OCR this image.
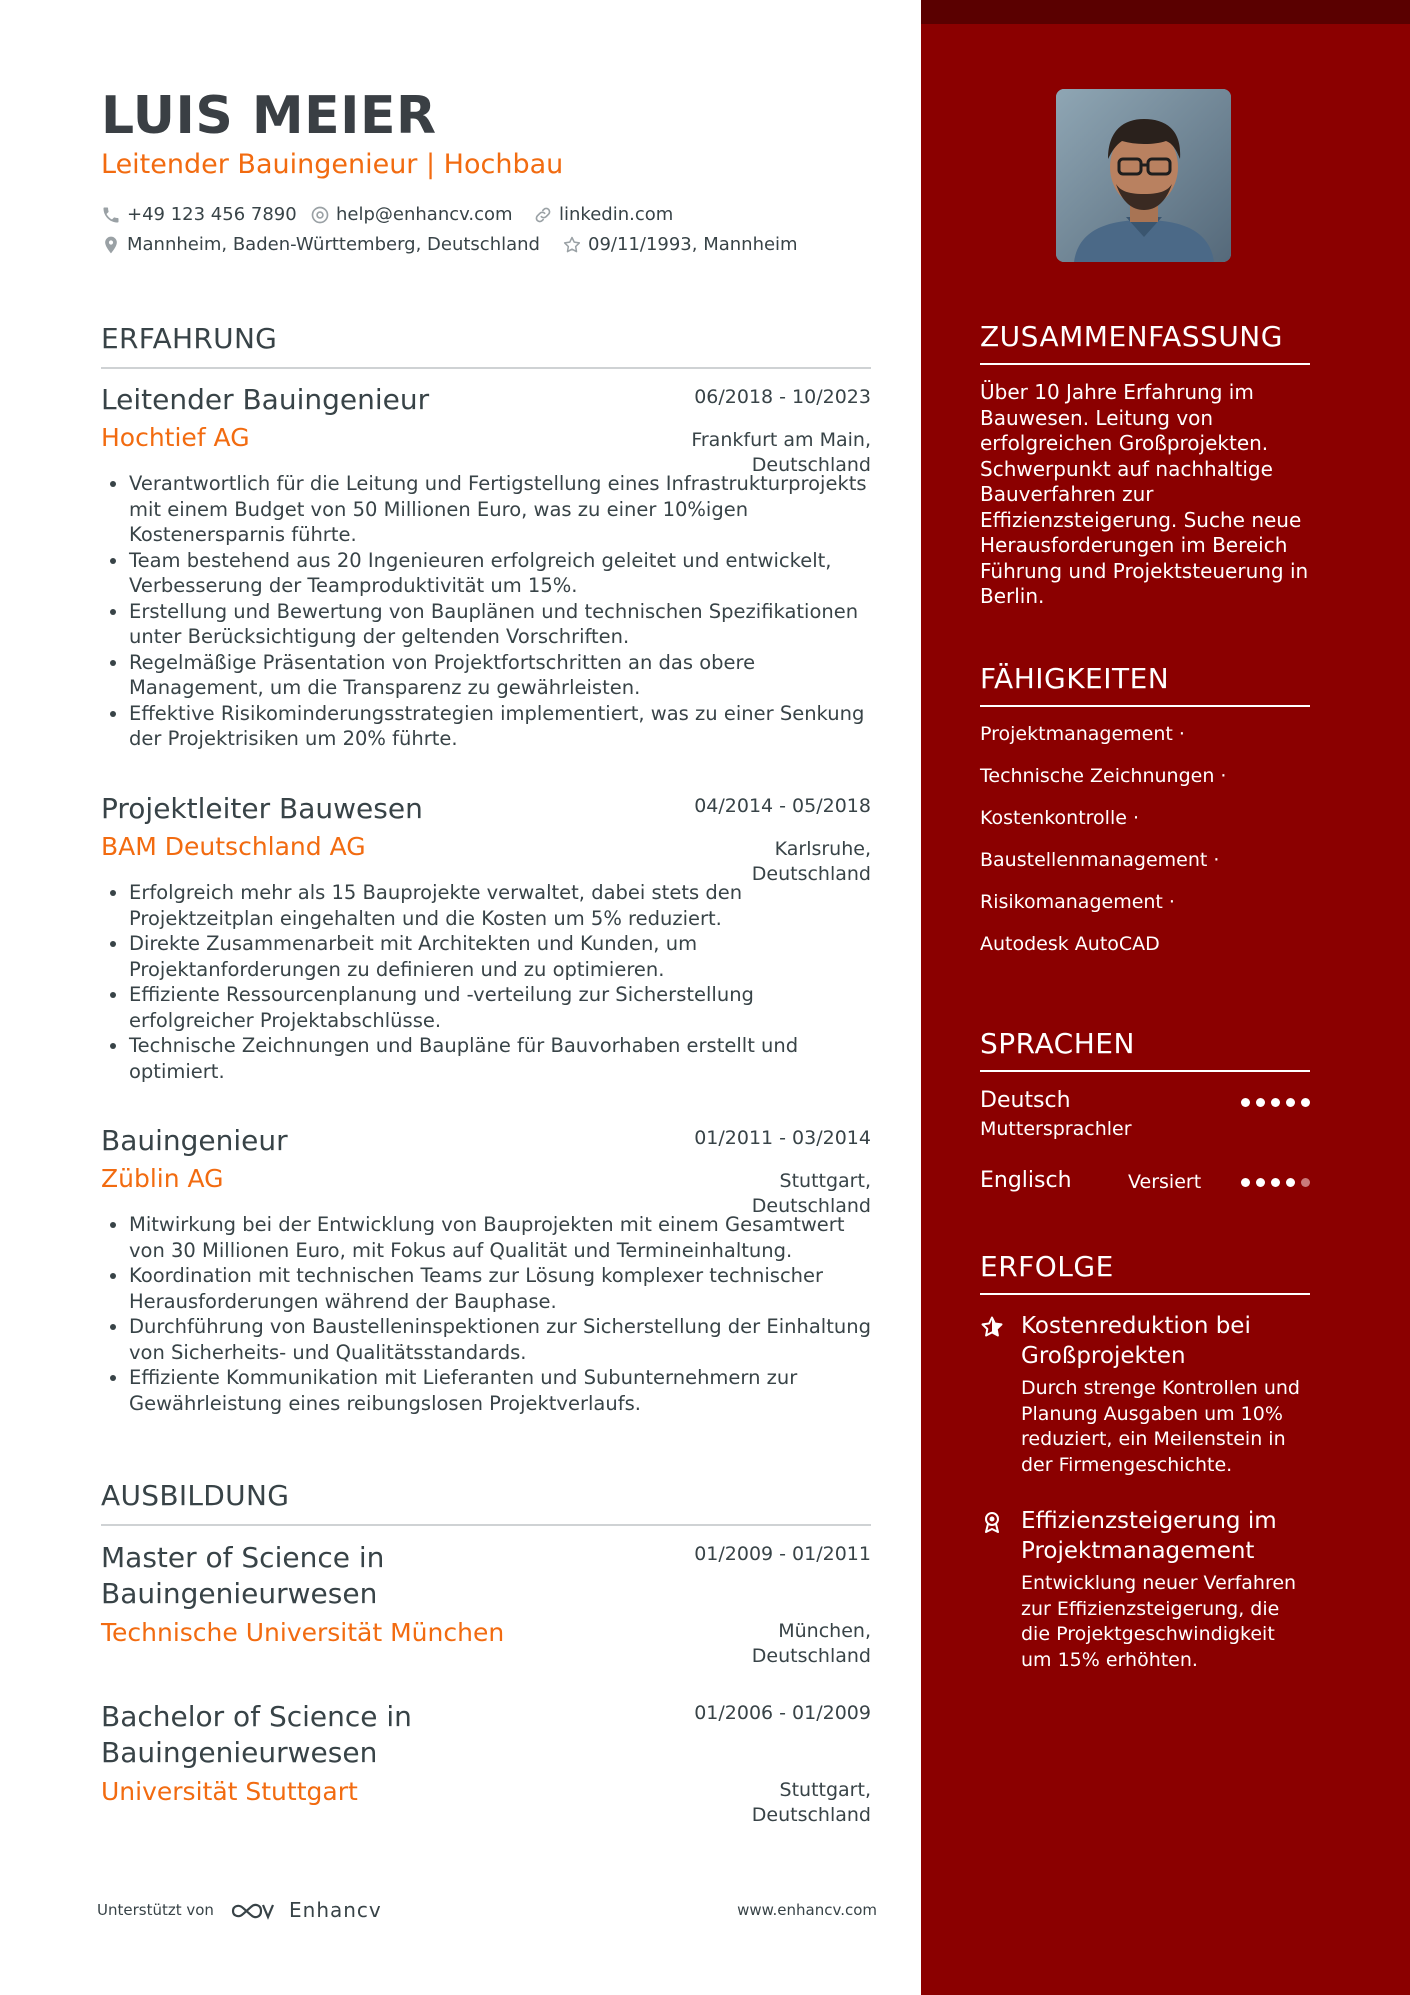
LUIS MEIER
Leitender Bauingenieur | Hochbau
+49 123 456 7890 help@enhancv.com	linkedin.com
Mannheim, Baden-Württemberg, Deutschland	09/11/1993, Mannheim
ERFAHRUNG
Leitender Bauingenieur	06/2018 - 10/2023
Hochtief AG	Frankfurt am Main,
Deutschland
• Verantwortlich für die Leitung und Fertigstellung eines Infrastrukturprojekts mit einem Budget von 50 Millionen Euro, was zu einer 10%igen Kostenersparnis führte.
• Team bestehend aus 20 Ingenieuren erfolgreich geleitet und entwickelt, Verbesserung der Teamproduktivität um 15%.
• Erstellung und Bewertung von Bauplänen und technischen Spezifikationen unter Berücksichtigung der geltenden Vorschriften.
• Regelmäßige Präsentation von Projektfortschritten an das obere Management, um die Transparenz zu gewährleisten.
• Effektive Risikominderungsstrategien implementiert, was zu einer Senkung der Projektrisiken um 20% führte.
Projektleiter Bauwesen	04/2014 - 05/2018
BAM Deutschland AG	Karlsruhe,
Deutschland
• Erfolgreich mehr als 15 Bauprojekte verwaltet, dabei stets den Projektzeitplan eingehalten und die Kosten um 5% reduziert.
• Direkte Zusammenarbeit mit Architekten und Kunden, um Projektanforderungen zu definieren und zu optimieren.
• Effiziente Ressourcenplanung und -verteilung zur Sicherstellung erfolgreicher Projektabschlüsse.
• Technische Zeichnungen und Baupläne für Bauvorhaben erstellt und optimiert.
Bauingenieur	01/2011 - 03/2014
Züblin AG	Stuttgart,
Deutschland
• Mitwirkung bei der Entwicklung von Bauprojekten mit einem Gesamtwert von 30 Millionen Euro, mit Fokus auf Qualität und Termineinhaltung.
• Koordination mit technischen Teams zur Lösung komplexer technischer Herausforderungen während der Bauphase.
• Durchführung von Baustelleninspektionen zur Sicherstellung der Einhaltung von Sicherheits- und Qualitätsstandards.
• Effiziente Kommunikation mit Lieferanten und Subunternehmern zur Gewährleistung eines reibungslosen Projektverlaufs.
AUSBILDUNG
Master of Science in Bauingenieurwesen
01/2009 - 01/2011
Technische Universität München	München,
Deutschland
Bachelor of Science in Bauingenieurwesen
01/2006 - 01/2009
Universität Stuttgart	Stuttgart,
Deutschland
Unterstützt von	Enhancv	www.enhancv.com
ZUSAMMENFASSUNG
Über 10 Jahre Erfahrung im Bauwesen. Leitung von erfolgreichen Großprojekten. Schwerpunkt auf nachhaltige Bauverfahren zur Effizienzsteigerung. Suche neue Herausforderungen im Bereich Führung und Projektsteuerung in Berlin.
FÄHIGKEITEN
Projektmanagement ·
Technische Zeichnungen ·
Kostenkontrolle ·
Baustellenmanagement ·
Risikomanagement ·
Autodesk AutoCAD
SPRACHEN
Deutsch
Muttersprachler
Englisch	Versiert
ERFOLGE
Kostenreduktion bei Großprojekten
Durch strenge Kontrollen und Planung Ausgaben um 10% reduziert, ein Meilenstein in der Firmengeschichte.
Effizienzsteigerung im Projektmanagement
Entwicklung neuer Verfahren zur Effizienzsteigerung, die die Projektgeschwindigkeit um 15% erhöhten.
